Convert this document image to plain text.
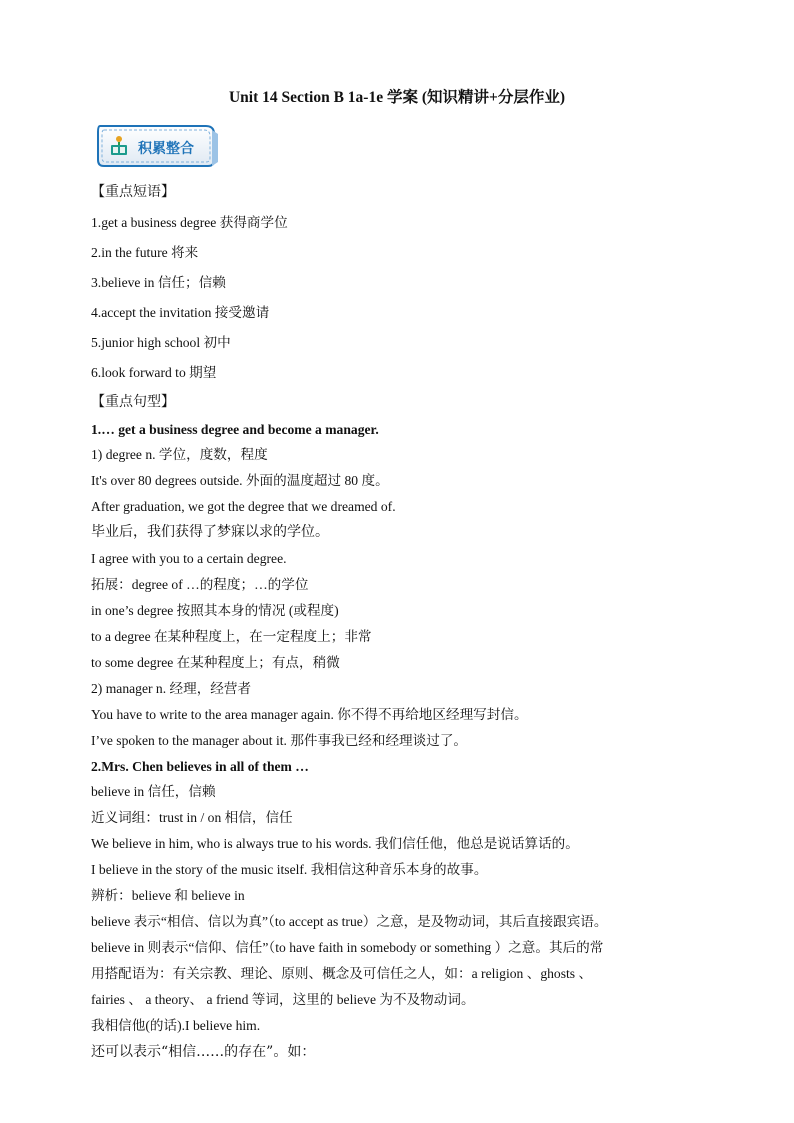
Unit 14 Section B 1a-1e 学案 (知识精讲+分层作业)
积累整合
【重点短语】
1.get a business degree 获得商学位
2.in the future 将来
3.believe in 信任；信赖
4.accept the invitation 接受邀请
5.junior high school 初中
6.look forward to 期望
【重点句型】
1.… get a business degree and become a manager.
1) degree n. 学位，度数，程度
It's over 80 degrees outside. 外面的温度超过 80 度。
After graduation, we got the degree that we dreamed of.
毕业后，我们获得了梦寐以求的学位。
I agree with you to a certain degree.
拓展：degree of …的程度；…的学位
in one’s degree 按照其本身的情况 (或程度)
to a degree 在某种程度上，在一定程度上；非常
to some degree 在某种程度上；有点，稍微
2) manager n. 经理，经营者
You have to write to the area manager again. 你不得不再给地区经理写封信。
I’ve spoken to the manager about it. 那件事我已经和经理谈过了。
2.Mrs. Chen believes in all of them …
believe in 信任，信赖
近义词组：trust in / on 相信，信任
We believe in him, who is always true to his words. 我们信任他，他总是说话算话的。
I believe in the story of the music itself. 我相信这种音乐本身的故事。
辨析：believe 和 believe in
believe 表示“相信、信以为真”（to accept as true）之意，是及物动词，其后直接跟宾语。
believe in 则表示“信仰、信任”（to have faith in somebody or something ）之意。其后的常
用搭配语为：有关宗教、理论、原则、概念及可信任之人，如：a religion 、ghosts 、
fairies 、 a theory、 a friend 等词，这里的 believe 为不及物动词。
我相信他(的话).I believe him.
还可以表示“相信……的存在”。如：
